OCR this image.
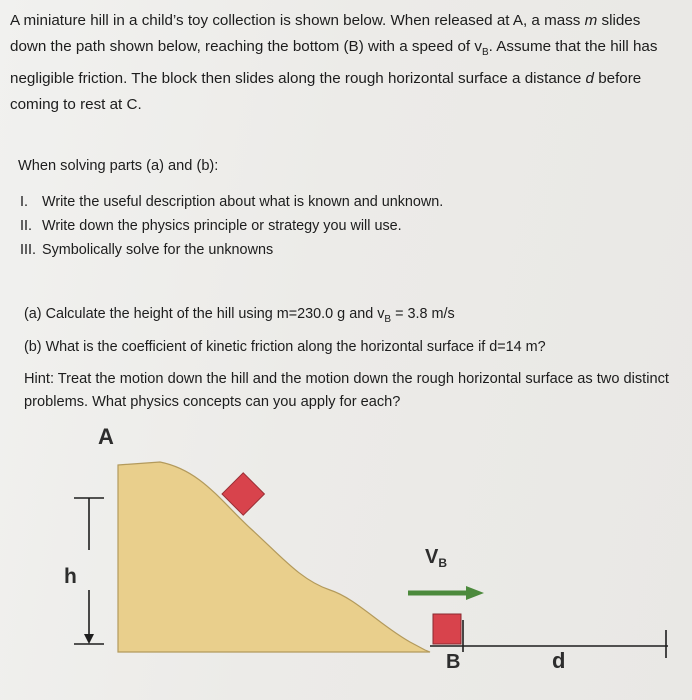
A miniature hill in a child’s toy collection is shown below. When released at A, a mass m slides down the path shown below, reaching the bottom (B) with a speed of $v_B$. Assume that the hill has negligible friction. The block then slides along the rough horizontal surface a distance d before coming to rest at C.

When solving parts (a) and (b):

I. Write the useful description about what is known and unknown.
II. Write down the physics principle or strategy you will use.
III. Symbolically solve for the unknowns

(a) Calculate the height of the hill using m=230.0 g and $v_B = 3.8$ m/s

(b) What is the coefficient of kinetic friction along the horizontal surface if d=14 m?

Hint: Treat the motion down the hill and the motion down the rough horizontal surface as two distinct problems. What physics concepts can you apply for each?

A
h
$V_B$
B	d
